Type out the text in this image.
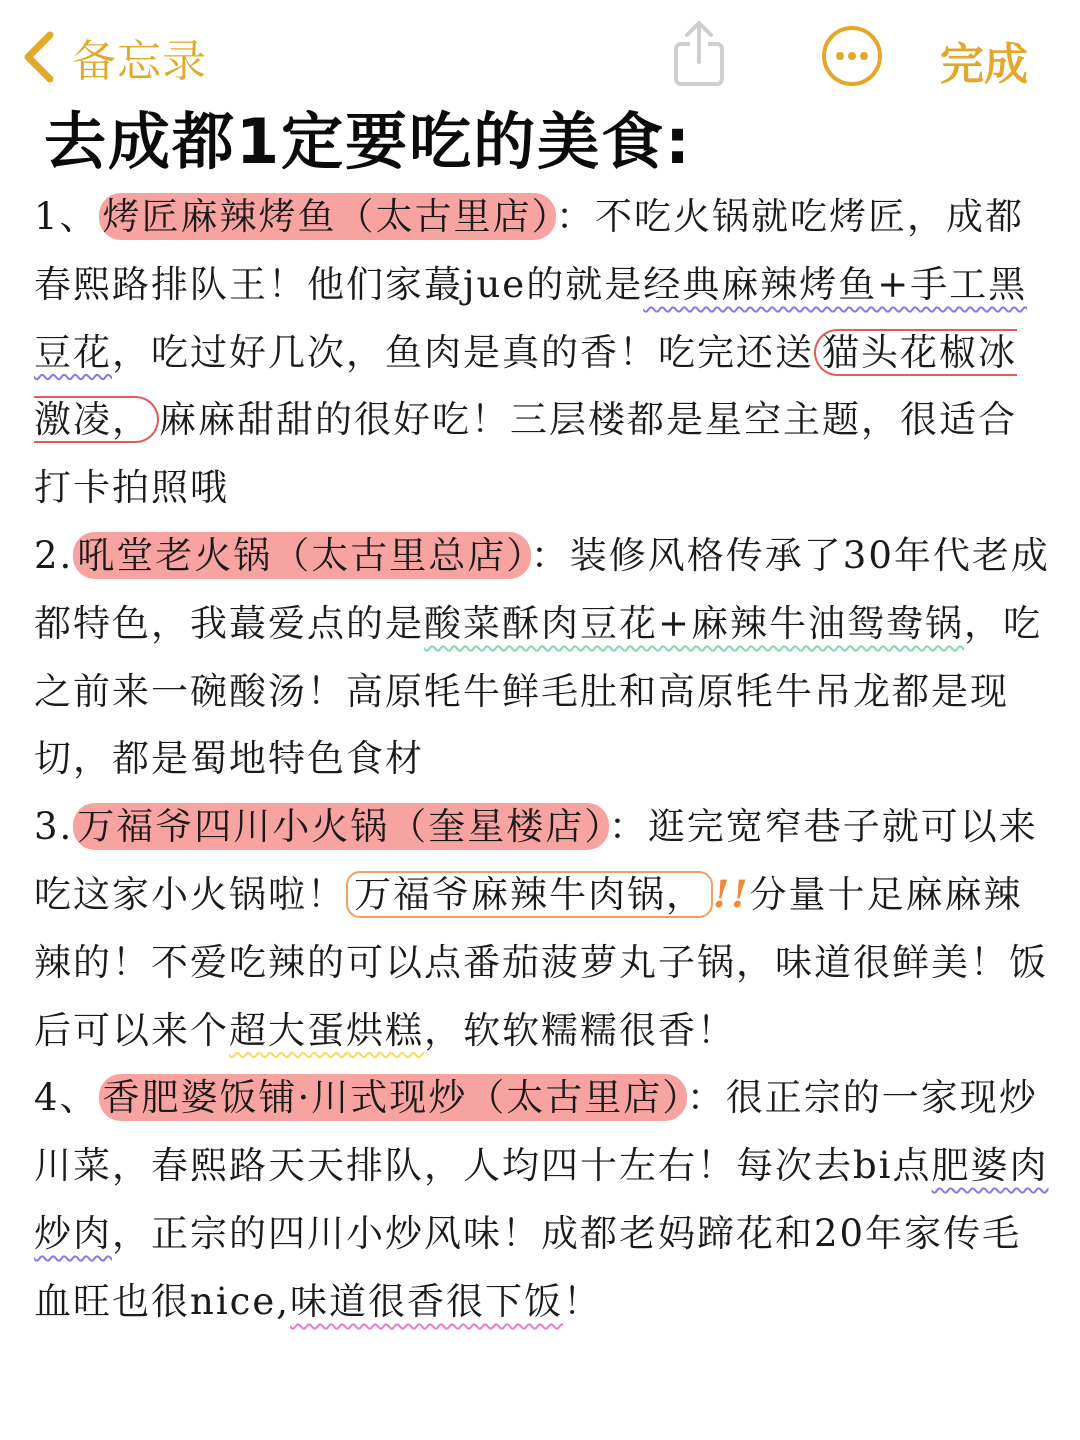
备忘录	完成
去成都1定要吃的美食:

1、 烤匠麻辣烤鱼（太古里店） ：不吃火锅就吃烤匠，成都春熙路排队王！他们家蕞jue的就是经典麻辣烤鱼+手工黑豆花，吃过好几次，鱼肉是真的香！吃完还送 猫头花椒冰激凌， 麻麻甜甜的很好吃！三层楼都是星空主题，很适合打卡拍照哦

2. 吼堂老火锅（太古里总店） ：装修风格传承了30年代老成都特色，我蕞爱点的是酸菜酥肉豆花+麻辣牛油鸳鸯锅，吃之前来一碗酸汤！高原牦牛鲜毛肚和高原牦牛吊龙都是现切，都是蜀地特色食材

3. 万福爷四川小火锅（奎星楼店） ：逛完宽窄巷子就可以来吃这家小火锅啦！ 万福爷麻辣牛肉锅， !!分量十足麻麻辣辣的！不爱吃辣的可以点番茄菠萝丸子锅，味道很鲜美！饭后可以来个超大蛋烘糕，软软糯糯很香！

4、 香肥婆饭铺·川式现炒（太古里店） ：很正宗的一家现炒川菜，春熙路天天排队，人均四十左右！每次去bi点肥婆肉炒肉，正宗的四川小炒风味！成都老妈蹄花和20年家传毛血旺也很nice,味道很香很下饭！
